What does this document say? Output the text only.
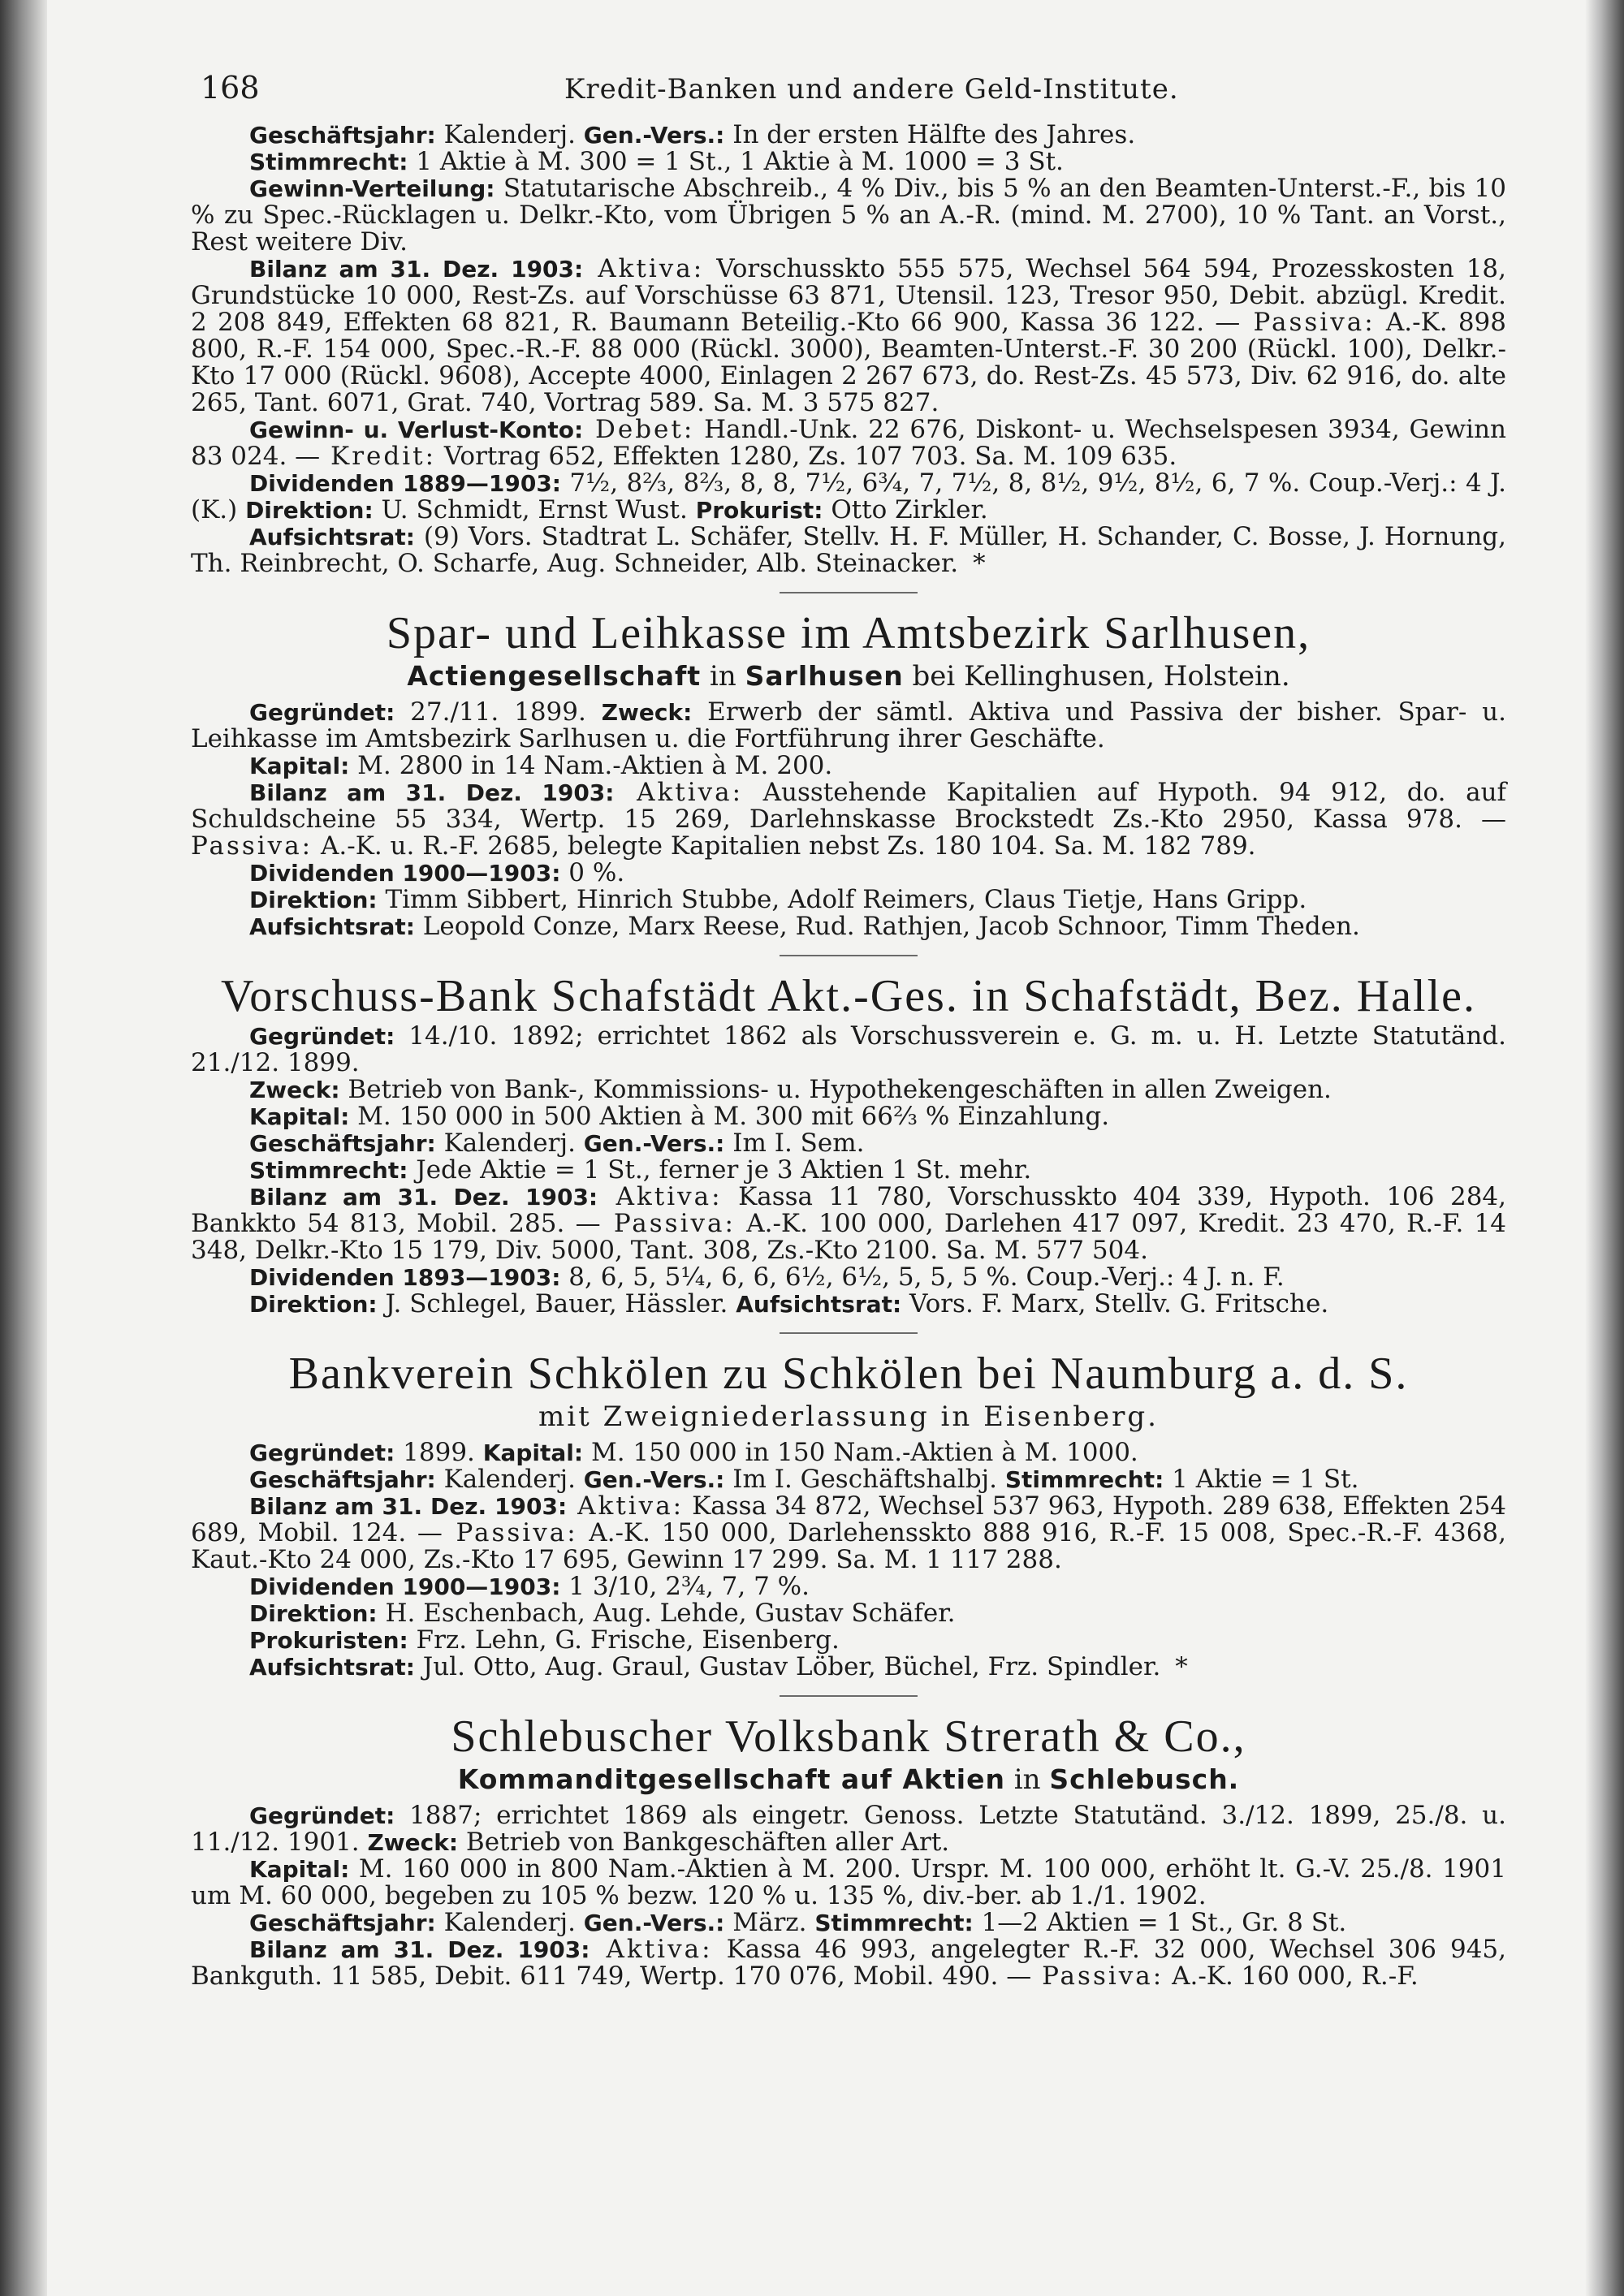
168	Kredit-Banken und andere Geld-Institute.

Geschäftsjahr: Kalenderj. Gen.-Vers.: In der ersten Hälfte des Jahres.

Stimmrecht: 1 Aktie à M. 300 = 1 St., 1 Aktie à M. 1000 = 3 St.

Gewinn-Verteilung: Statutarische Abschreib., 4 % Div., bis 5 % an den Beamten-Unterst.-F., bis 10 % zu Spec.-Rücklagen u. Delkr.-Kto, vom Übrigen 5 % an A.-R. (mind. M. 2700), 10 % Tant. an Vorst., Rest weitere Div.

Bilanz am 31. Dez. 1903: Aktiva: Vorschusskto 555 575, Wechsel 564 594, Prozesskosten 18, Grundstücke 10 000, Rest-Zs. auf Vorschüsse 63 871, Utensil. 123, Tresor 950, Debit. abzügl. Kredit. 2 208 849, Effekten 68 821, R. Baumann Beteilig.-Kto 66 900, Kassa 36 122. — Passiva: A.-K. 898 800, R.-F. 154 000, Spec.-R.-F. 88 000 (Rückl. 3000), Beamten-Unterst.-F. 30 200 (Rückl. 100), Delkr.-Kto 17 000 (Rückl. 9608), Accepte 4000, Einlagen 2 267 673, do. Rest-Zs. 45 573, Div. 62 916, do. alte 265, Tant. 6071, Grat. 740, Vortrag 589. Sa. M. 3 575 827.

Gewinn- u. Verlust-Konto: Debet: Handl.-Unk. 22 676, Diskont- u. Wechselspesen 3934, Gewinn 83 024. — Kredit: Vortrag 652, Effekten 1280, Zs. 107 703. Sa. M. 109 635.

Dividenden 1889—1903: 7½, 8⅔, 8⅔, 8, 8, 7½, 6¾, 7, 7½, 8, 8½, 9½, 8½, 6, 7 %. Coup.-Verj.: 4 J. (K.) Direktion: U. Schmidt, Ernst Wust. Prokurist: Otto Zirkler.

Aufsichtsrat: (9) Vors. Stadtrat L. Schäfer, Stellv. H. F. Müller, H. Schander, C. Bosse, J. Hornung, Th. Reinbrecht, O. Scharfe, Aug. Schneider, Alb. Steinacker. *

Spar- und Leihkasse im Amtsbezirk Sarlhusen,
Actiengesellschaft in Sarlhusen bei Kellinghusen, Holstein.

Gegründet: 27./11. 1899. Zweck: Erwerb der sämtl. Aktiva und Passiva der bisher. Spar- u. Leihkasse im Amtsbezirk Sarlhusen u. die Fortführung ihrer Geschäfte.

Kapital: M. 2800 in 14 Nam.-Aktien à M. 200.

Bilanz am 31. Dez. 1903: Aktiva: Ausstehende Kapitalien auf Hypoth. 94 912, do. auf Schuldscheine 55 334, Wertp. 15 269, Darlehnskasse Brockstedt Zs.-Kto 2950, Kassa 978. — Passiva: A.-K. u. R.-F. 2685, belegte Kapitalien nebst Zs. 180 104. Sa. M. 182 789.

Dividenden 1900—1903: 0 %.

Direktion: Timm Sibbert, Hinrich Stubbe, Adolf Reimers, Claus Tietje, Hans Gripp.

Aufsichtsrat: Leopold Conze, Marx Reese, Rud. Rathjen, Jacob Schnoor, Timm Theden.

Vorschuss-Bank Schafstädt Akt.-Ges. in Schafstädt, Bez. Halle.

Gegründet: 14./10. 1892; errichtet 1862 als Vorschussverein e. G. m. u. H. Letzte Statutänd. 21./12. 1899.

Zweck: Betrieb von Bank-, Kommissions- u. Hypothekengeschäften in allen Zweigen.

Kapital: M. 150 000 in 500 Aktien à M. 300 mit 66⅔ % Einzahlung.

Geschäftsjahr: Kalenderj. Gen.-Vers.: Im I. Sem.

Stimmrecht: Jede Aktie = 1 St., ferner je 3 Aktien 1 St. mehr.

Bilanz am 31. Dez. 1903: Aktiva: Kassa 11 780, Vorschusskto 404 339, Hypoth. 106 284, Bankkto 54 813, Mobil. 285. — Passiva: A.-K. 100 000, Darlehen 417 097, Kredit. 23 470, R.-F. 14 348, Delkr.-Kto 15 179, Div. 5000, Tant. 308, Zs.-Kto 2100. Sa. M. 577 504.

Dividenden 1893—1903: 8, 6, 5, 5¼, 6, 6, 6½, 6½, 5, 5, 5 %. Coup.-Verj.: 4 J. n. F.

Direktion: J. Schlegel, Bauer, Hässler. Aufsichtsrat: Vors. F. Marx, Stellv. G. Fritsche.

Bankverein Schkölen zu Schkölen bei Naumburg a. d. S.
mit Zweigniederlassung in Eisenberg.

Gegründet: 1899. Kapital: M. 150 000 in 150 Nam.-Aktien à M. 1000.

Geschäftsjahr: Kalenderj. Gen.-Vers.: Im I. Geschäftshalbj. Stimmrecht: 1 Aktie = 1 St.

Bilanz am 31. Dez. 1903: Aktiva: Kassa 34 872, Wechsel 537 963, Hypoth. 289 638, Effekten 254 689, Mobil. 124. — Passiva: A.-K. 150 000, Darlehensskto 888 916, R.-F. 15 008, Spec.-R.-F. 4368, Kaut.-Kto 24 000, Zs.-Kto 17 695, Gewinn 17 299. Sa. M. 1 117 288.

Dividenden 1900—1903: 1 3/10, 2¾, 7, 7 %.

Direktion: H. Eschenbach, Aug. Lehde, Gustav Schäfer.

Prokuristen: Frz. Lehn, G. Frische, Eisenberg.

Aufsichtsrat: Jul. Otto, Aug. Graul, Gustav Löber, Büchel, Frz. Spindler. *

Schlebuscher Volksbank Strerath & Co.,
Kommanditgesellschaft auf Aktien in Schlebusch.

Gegründet: 1887; errichtet 1869 als eingetr. Genoss. Letzte Statutänd. 3./12. 1899, 25./8. u. 11./12. 1901. Zweck: Betrieb von Bankgeschäften aller Art.

Kapital: M. 160 000 in 800 Nam.-Aktien à M. 200. Urspr. M. 100 000, erhöht lt. G.-V. 25./8. 1901 um M. 60 000, begeben zu 105 % bezw. 120 % u. 135 %, div.-ber. ab 1./1. 1902.

Geschäftsjahr: Kalenderj. Gen.-Vers.: März. Stimmrecht: 1—2 Aktien = 1 St., Gr. 8 St.

Bilanz am 31. Dez. 1903: Aktiva: Kassa 46 993, angelegter R.-F. 32 000, Wechsel 306 945, Bankguth. 11 585, Debit. 611 749, Wertp. 170 076, Mobil. 490. — Passiva: A.-K. 160 000, R.-F.
